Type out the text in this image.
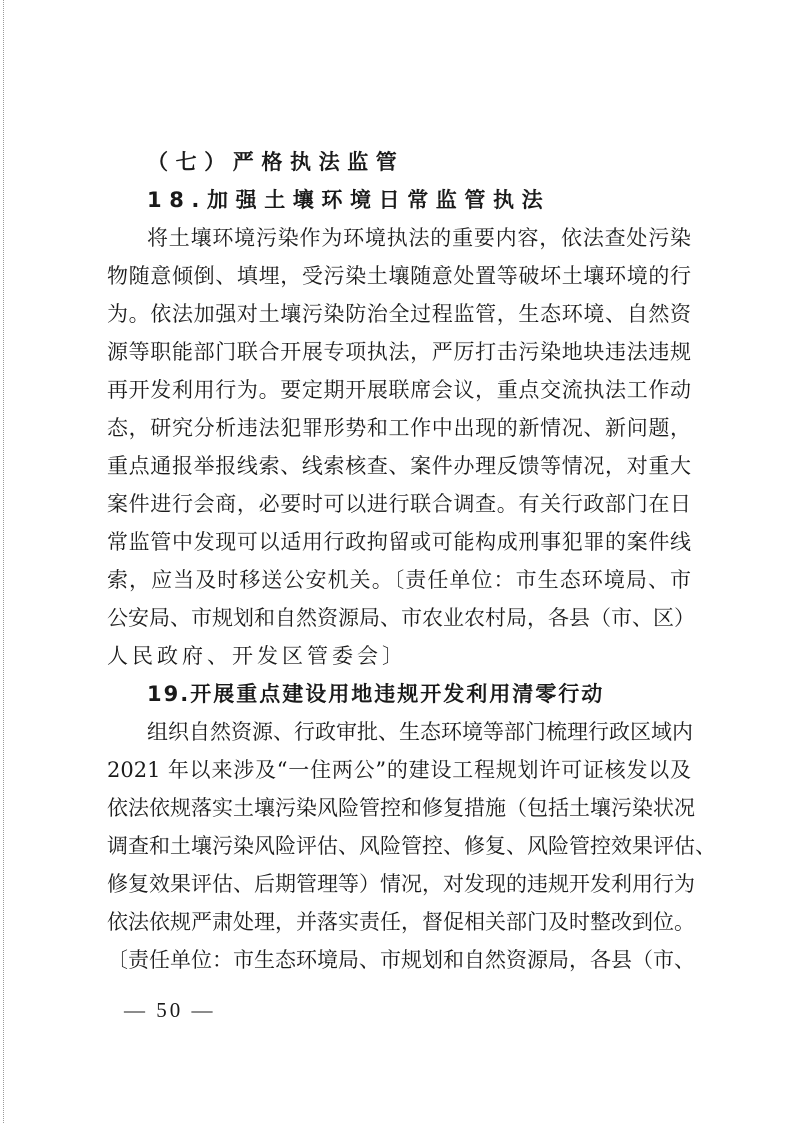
（七）严格执法监管
18.加强土壤环境日常监管执法
将土壤环境污染作为环境执法的重要内容，依法查处污染
物随意倾倒、填埋，受污染土壤随意处置等破坏土壤环境的行
为。依法加强对土壤污染防治全过程监管，生态环境、自然资
源等职能部门联合开展专项执法，严厉打击污染地块违法违规
再开发利用行为。要定期开展联席会议，重点交流执法工作动
态，研究分析违法犯罪形势和工作中出现的新情况、新问题，
重点通报举报线索、线索核查、案件办理反馈等情况，对重大
案件进行会商，必要时可以进行联合调查。有关行政部门在日
常监管中发现可以适用行政拘留或可能构成刑事犯罪的案件线
索，应当及时移送公安机关。〔责任单位：市生态环境局、市
公安局、市规划和自然资源局、市农业农村局，各县（市、区）
人民政府、开发区管委会〕
19.开展重点建设用地违规开发利用清零行动
组织自然资源、行政审批、生态环境等部门梳理行政区域内
2021 年以来涉及“一住两公”的建设工程规划许可证核发以及
依法依规落实土壤污染风险管控和修复措施（包括土壤污染状况
调查和土壤污染风险评估、风险管控、修复、风险管控效果评估、
修复效果评估、后期管理等）情况，对发现的违规开发利用行为
依法依规严肃处理，并落实责任，督促相关部门及时整改到位。
〔责任单位：市生态环境局、市规划和自然资源局，各县（市、
— 50 —
